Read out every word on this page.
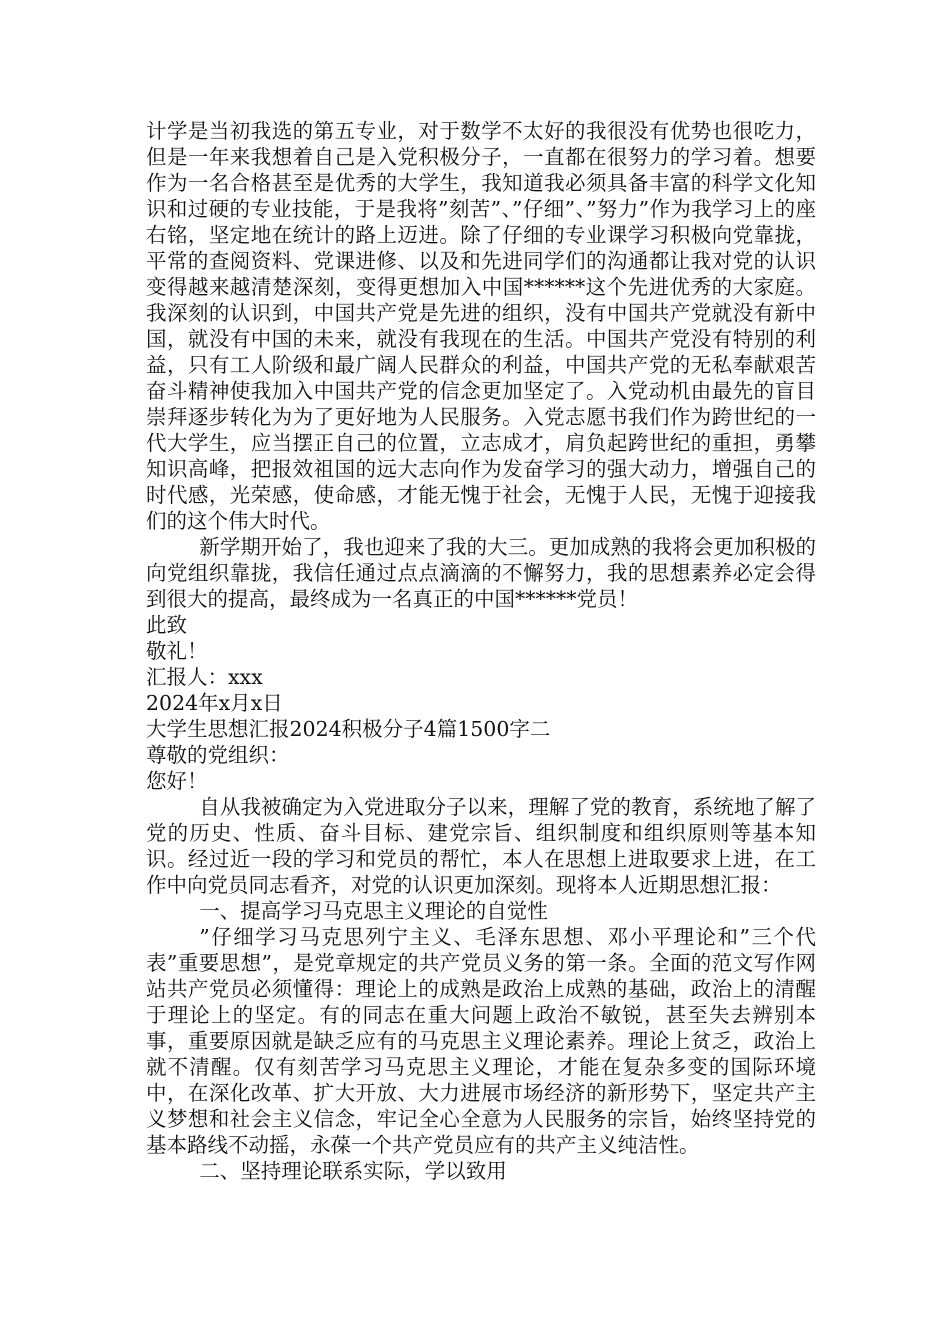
计学是当初我选的第五专业，对于数学不太好的我很没有优势也很吃力，但是一年来我想着自己是入党积极分子，一直都在很努力的学习着。想要作为一名合格甚至是优秀的大学生，我知道我必须具备丰富的科学文化知识和过硬的专业技能，于是我将”刻苦”、”仔细”、”努力”作为我学习上的座右铭，坚定地在统计的路上迈进。除了仔细的专业课学习积极向党靠拢，平常的查阅资料、党课进修、以及和先进同学们的沟通都让我对党的认识变得越来越清楚深刻，变得更想加入中国******这个先进优秀的大家庭。我深刻的认识到，中国共产党是先进的组织，没有中国共产党就没有新中国，就没有中国的未来，就没有我现在的生活。中国共产党没有特别的利益，只有工人阶级和最广阔人民群众的利益，中国共产党的无私奉献艰苦奋斗精神使我加入中国共产党的信念更加坚定了。入党动机由最先的盲目崇拜逐步转化为为了更好地为人民服务。入党志愿书我们作为跨世纪的一代大学生，应当摆正自己的位置，立志成才，肩负起跨世纪的重担，勇攀知识高峰，把报效祖国的远大志向作为发奋学习的强大动力，增强自己的时代感，光荣感，使命感，才能无愧于社会，无愧于人民，无愧于迎接我们的这个伟大时代。

新学期开始了，我也迎来了我的大三。更加成熟的我将会更加积极的向党组织靠拢，我信任通过点点滴滴的不懈努力，我的思想素养必定会得到很大的提高，最终成为一名真正的中国******党员！

此致

敬礼！

汇报人：xxx

2024年x月x日

大学生思想汇报2024积极分子4篇1500字二

尊敬的党组织：

您好！

自从我被确定为入党进取分子以来，理解了党的教育，系统地了解了党的历史、性质、奋斗目标、建党宗旨、组织制度和组织原则等基本知识。经过近一段的学习和党员的帮忙，本人在思想上进取要求上进，在工作中向党员同志看齐，对党的认识更加深刻。现将本人近期思想汇报：

一、提高学习马克思主义理论的自觉性

”仔细学习马克思列宁主义、毛泽东思想、邓小平理论和”三个代表”重要思想”，是党章规定的共产党员义务的第一条。全面的范文写作网站共产党员必须懂得：理论上的成熟是政治上成熟的基础，政治上的清醒于理论上的坚定。有的同志在重大问题上政治不敏锐，甚至失去辨别本事，重要原因就是缺乏应有的马克思主义理论素养。理论上贫乏，政治上就不清醒。仅有刻苦学习马克思主义理论，才能在复杂多变的国际环境中，在深化改革、扩大开放、大力进展市场经济的新形势下，坚定共产主义梦想和社会主义信念，牢记全心全意为人民服务的宗旨，始终坚持党的基本路线不动摇，永葆一个共产党员应有的共产主义纯洁性。

二、坚持理论联系实际，学以致用
